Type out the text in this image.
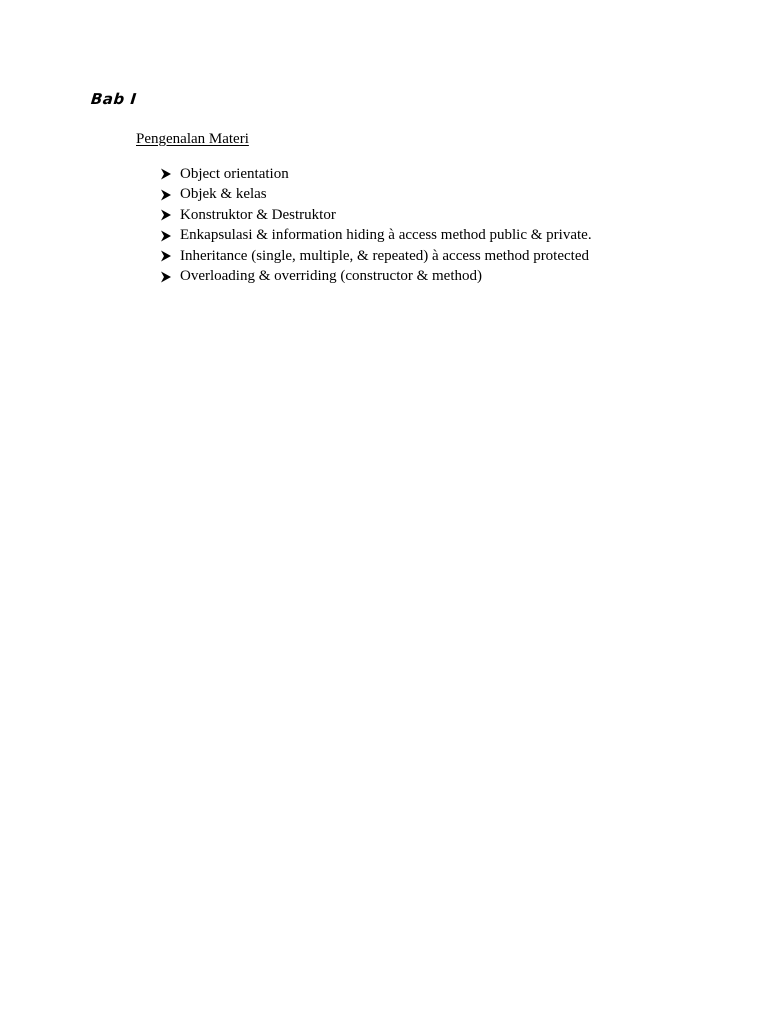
Bab I
Pengenalan Materi
Object orientation
Objek & kelas
Konstruktor & Destruktor
Enkapsulasi & information hiding à access method public & private.
Inheritance (single, multiple, & repeated) à access method protected
Overloading & overriding (constructor & method)
